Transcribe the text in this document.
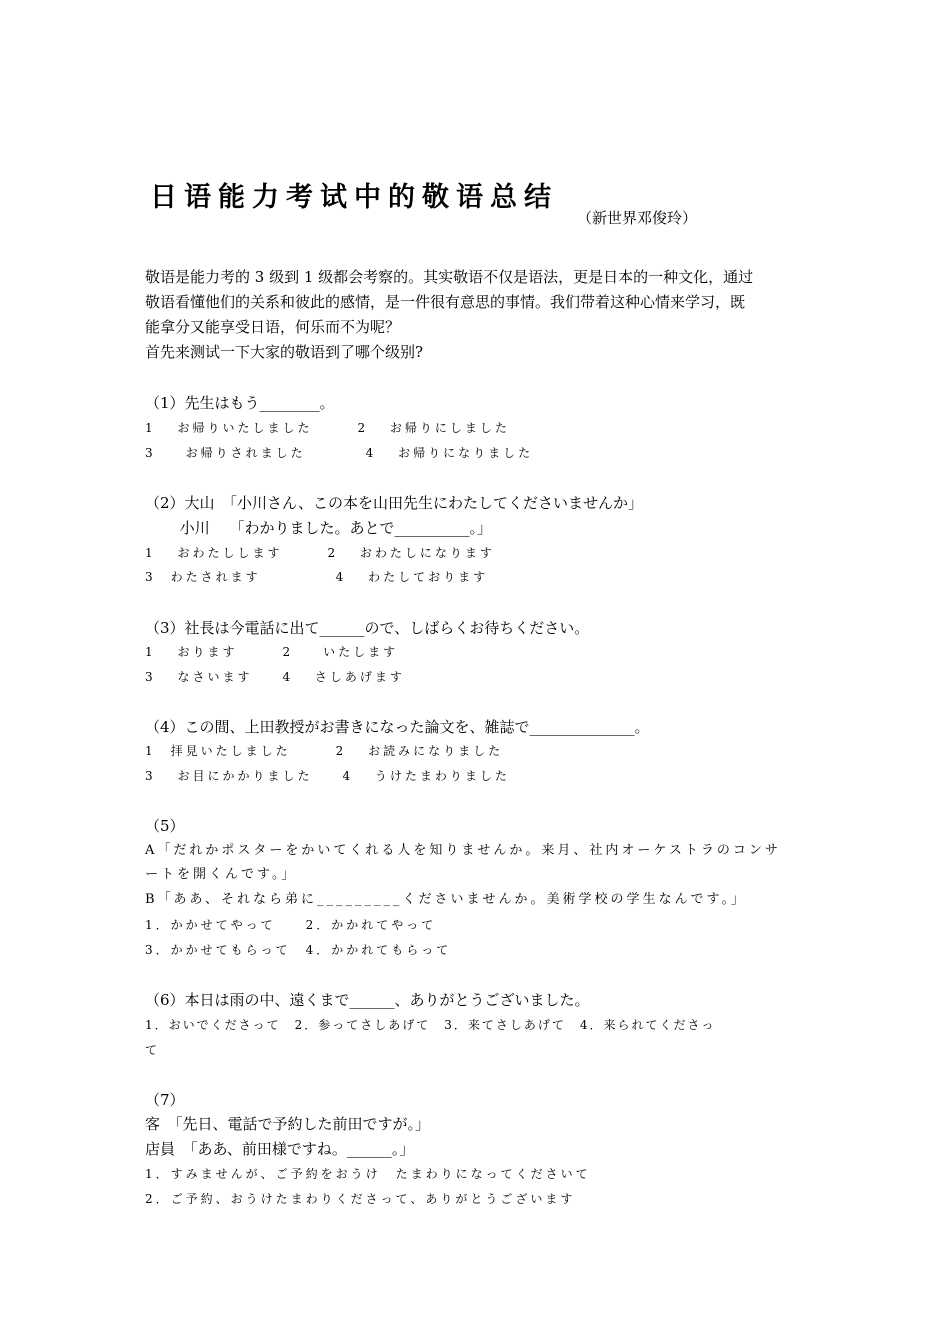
日语能力考试中的敬语总结
（新世界邓俊玲）
敬语是能力考的 3 级到 1 级都会考察的。其实敬语不仅是语法，更是日本的一种文化，通过
敬语看懂他们的关系和彼此的感情，是一件很有意思的事情。我们带着这种心情来学习，既
能拿分又能享受日语，何乐而不为呢？
首先来测试一下大家的敬语到了哪个级别?
（1）先生はもう________。
1　 お帰りいたしました　　　2　 お帰りにしました
3　　お帰りされました　　　　4　 お帰りになりました
（2）大山　「小川さん、この本を山田先生にわたしてくださいませんか」
　　 小川　 「わかりました。あとで__________。」
1　 おわたしします　　　2　 おわたしになります
3　わたされます　　　　　4　 わたしております
（3）社長は今電話に出て______ので、しばらくお待ちください。
1　 おります　　　2　　いたします
3　 なさいます　　4　 さしあげます
（4）この間、上田教授がお書きになった論文を、雑誌で______________。
1　拝見いたしました　　　2　 お読みになりました
3　 お目にかかりました　　4　 うけたまわりました
（5）
A「だれかポスターをかいてくれる人を知りませんか。来月、社内オーケストラのコンサ
ートを開くんです。」
B「ああ、それなら弟に_________くださいませんか。美術学校の学生なんです。」
1．かかせてやって　　2．かかれてやって
3．かかせてもらって　4．かかれてもらって
（6）本日は雨の中、遠くまで______、ありがとうございました。
1．おいでくださって　2．参ってさしあげて　3．来てさしあげて　4．来られてくださっ
て
（7）
客　「先日、電話で予約した前田ですが。」
店員　「ああ、前田様ですね。______。」
1．すみませんが、ご予約をおうけ　たまわりになってくださいて
2．ご予約、おうけたまわりくださって、ありがとうございます
